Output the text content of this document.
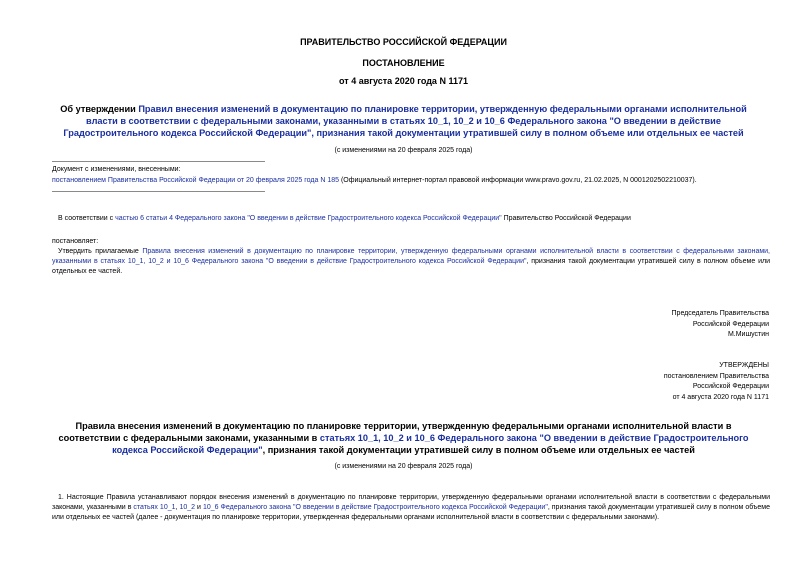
ПРАВИТЕЛЬСТВО РОССИЙСКОЙ ФЕДЕРАЦИИ
ПОСТАНОВЛЕНИЕ
от 4 августа 2020 года N 1171
Об утверждении Правил внесения изменений в документацию по планировке территории, утвержденную федеральными органами исполнительной власти в соответствии с федеральными законами, указанными в статьях 10_1, 10_2 и 10_6 Федерального закона "О введении в действие Градостроительного кодекса Российской Федерации", признания такой документации утратившей силу в полном объеме или отдельных ее частей
(с изменениями на 20 февраля 2025 года)
Документ с изменениями, внесенными:
постановлением Правительства Российской Федерации от 20 февраля 2025 года N 185 (Официальный интернет-портал правовой информации www.pravo.gov.ru, 21.02.2025, N 0001202502210037).
В соответствии с частью 6 статьи 4 Федерального закона "О введении в действие Градостроительного кодекса Российской Федерации" Правительство Российской Федерации
постановляет:
Утвердить прилагаемые Правила внесения изменений в документацию по планировке территории, утвержденную федеральными органами исполнительной власти в соответствии с федеральными законами, указанными в статьях 10_1, 10_2 и 10_6 Федерального закона "О введении в действие Градостроительного кодекса Российской Федерации", признания такой документации утратившей силу в полном объеме или отдельных ее частей.
Председатель Правительства
Российской Федерации
М.Мишустин
УТВЕРЖДЕНЫ
постановлением Правительства
Российской Федерации
от 4 августа 2020 года N 1171
Правила внесения изменений в документацию по планировке территории, утвержденную федеральными органами исполнительной власти в соответствии с федеральными законами, указанными в статьях 10_1, 10_2 и 10_6 Федерального закона "О введении в действие Градостроительного кодекса Российской Федерации", признания такой документации утратившей силу в полном объеме или отдельных ее частей
(с изменениями на 20 февраля 2025 года)
1. Настоящие Правила устанавливают порядок внесения изменений в документацию по планировке территории, утвержденную федеральными органами исполнительной власти в соответствии с федеральными законами, указанными в статьях 10_1, 10_2 и 10_6 Федерального закона "О введении в действие Градостроительного кодекса Российской Федерации", признания такой документации утратившей силу в полном объеме или отдельных ее частей (далее - документация по планировке территории, утвержденная федеральными органами исполнительной власти в соответствии с федеральными законами).
